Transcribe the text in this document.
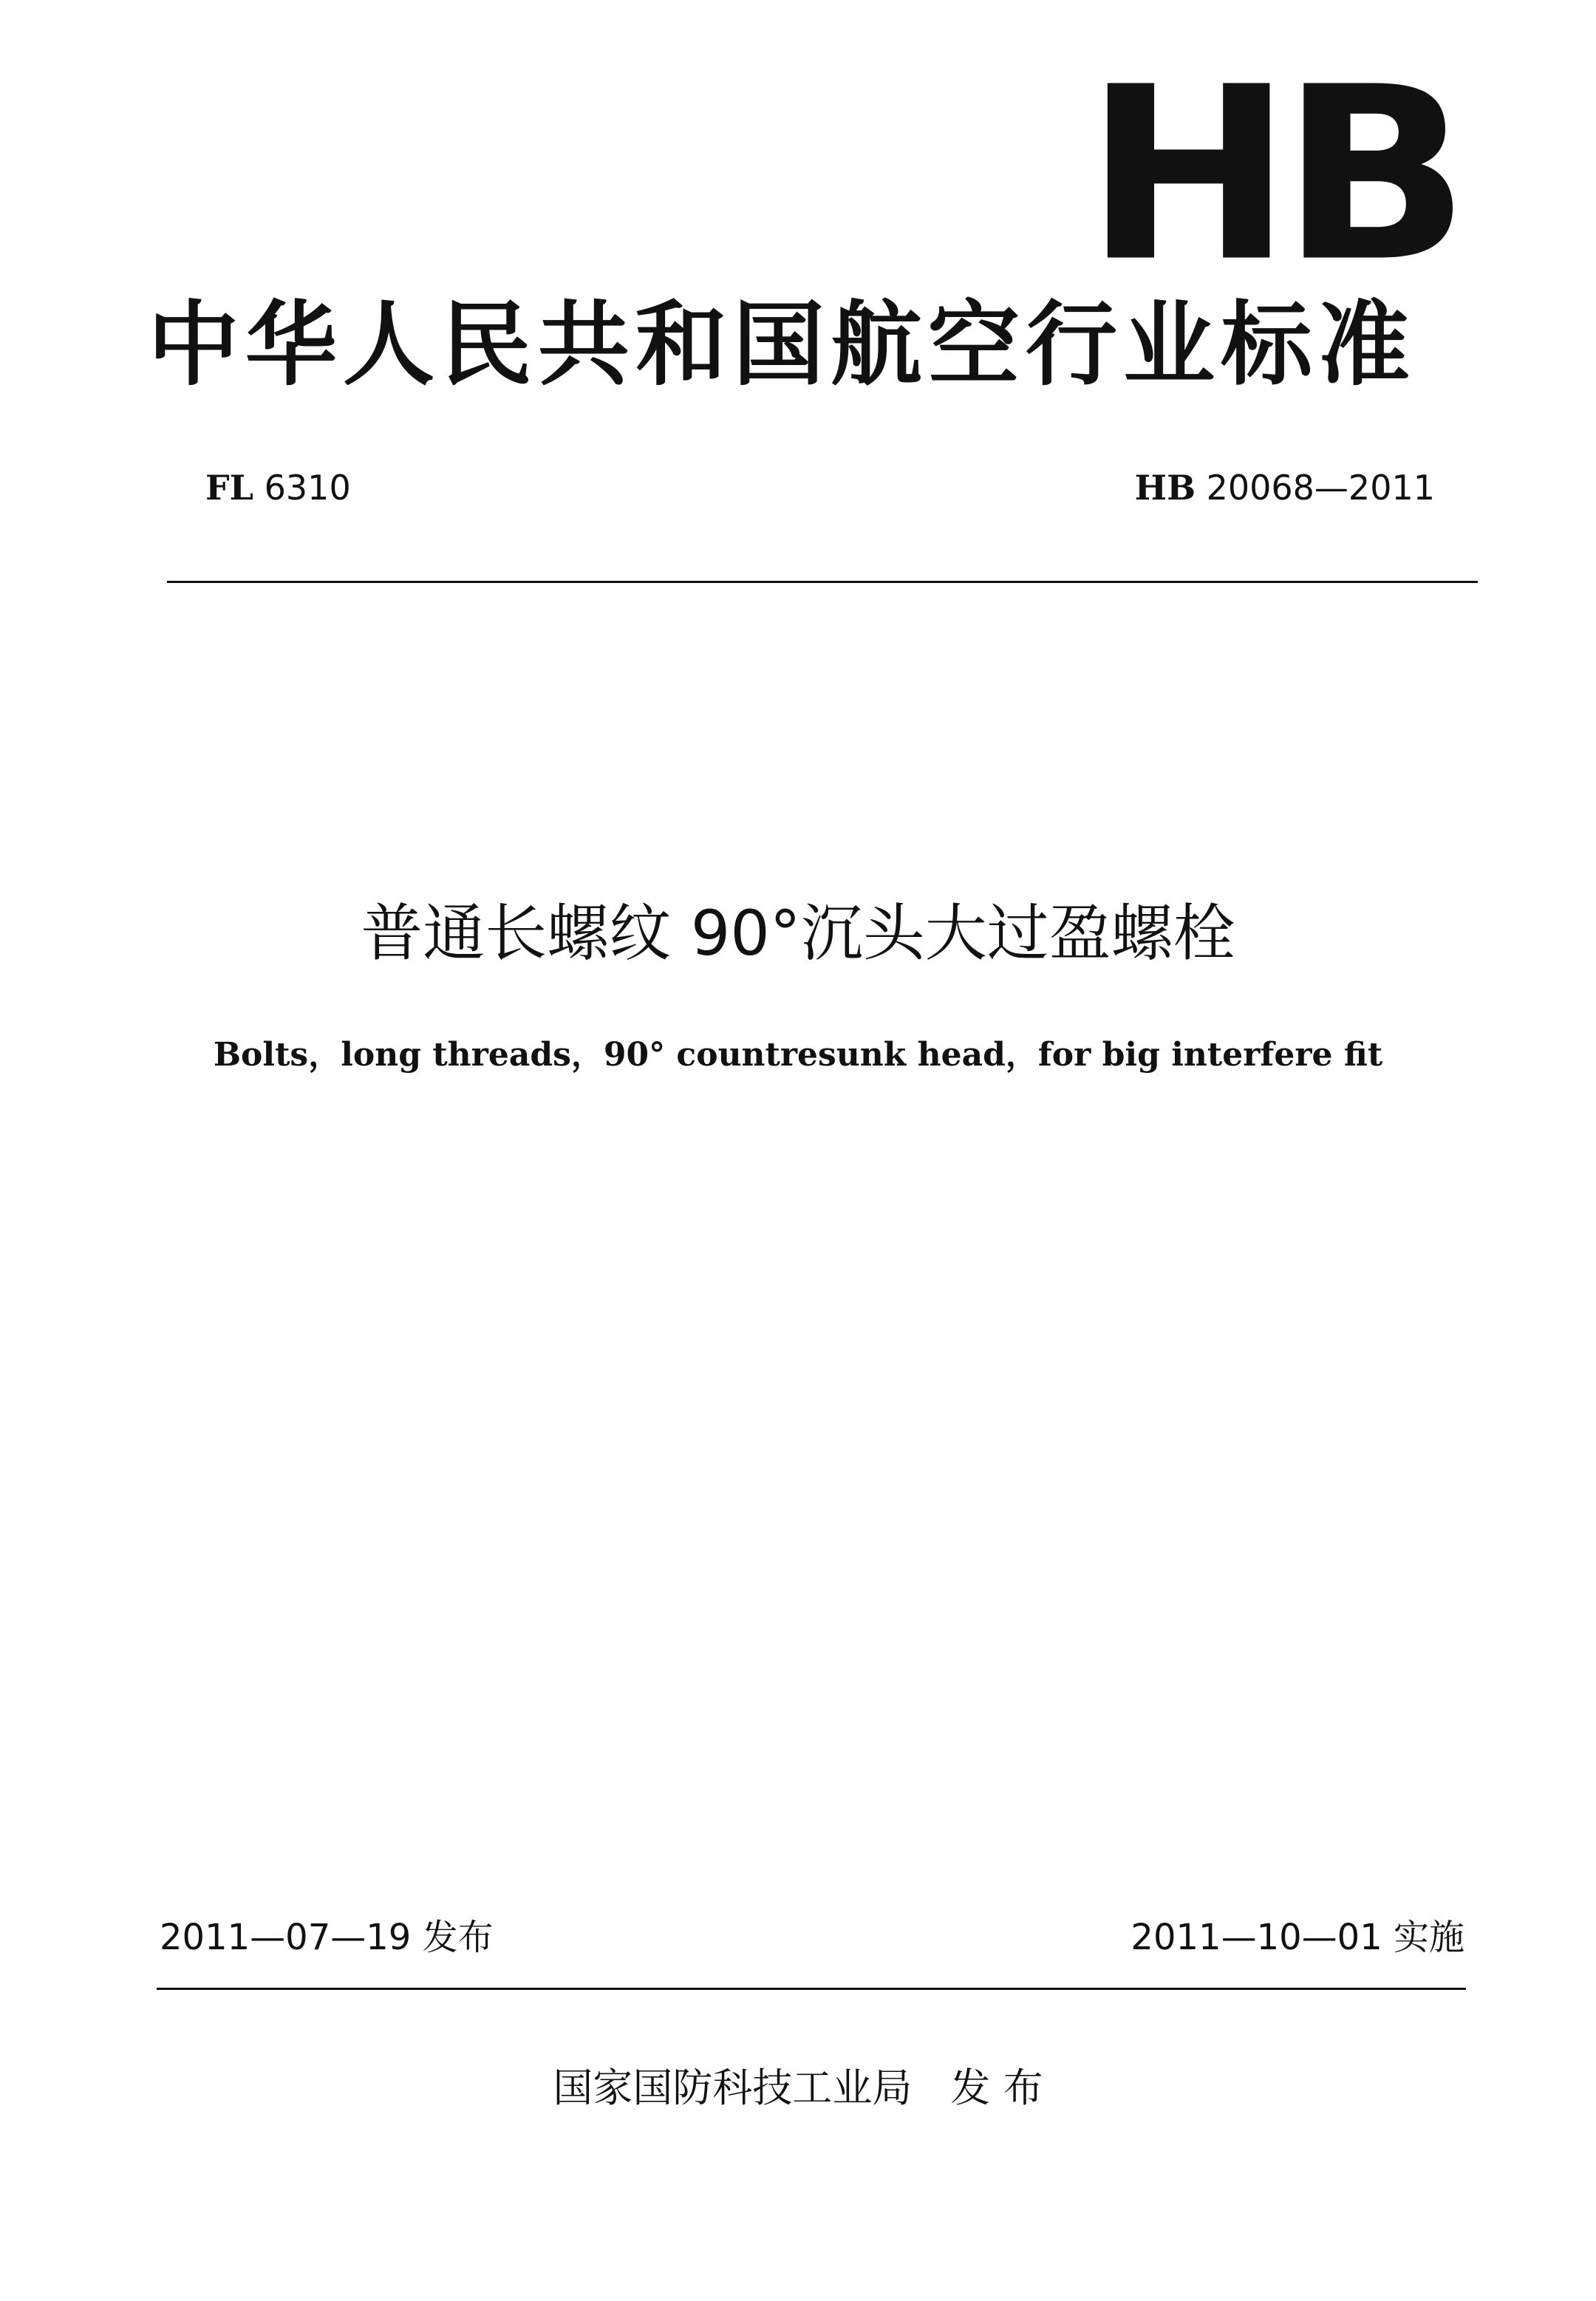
HB
中华人民共和国航空行业标准
FL 6310	HB 20068—2011
普通长螺纹 90°沉头大过盈螺栓
Bolts，long threads，90° countresunk head，for big interfere fit
2011—07—19 发布	2011—10—01 实施
国家国防科技工业局 发 布
